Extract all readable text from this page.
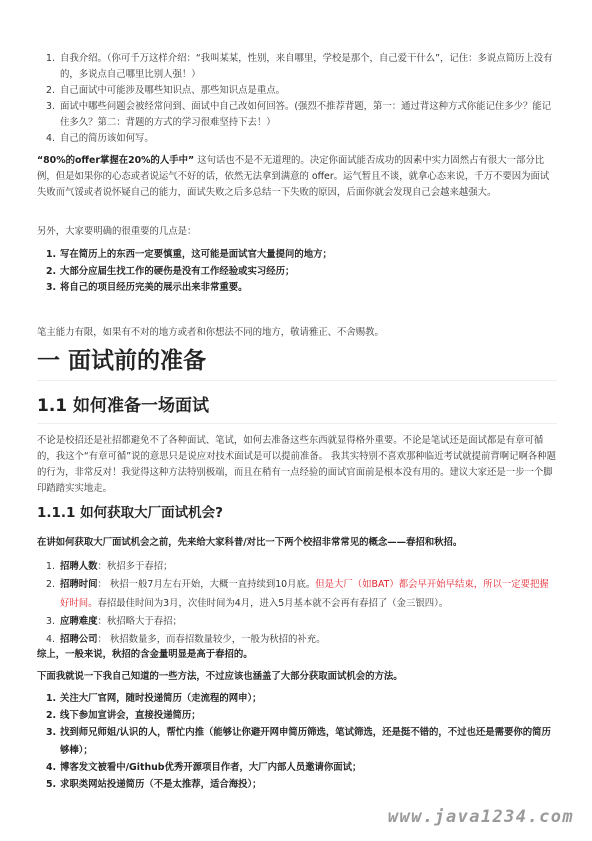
1. 自我介绍。（你可千万这样介绍：“我叫某某，性别，来自哪里，学校是那个，自己爱干什么”，记住：多说点简历上没有的，多说点自己哪里比别人强！）
2. 自己面试中可能涉及哪些知识点、那些知识点是重点。
3. 面试中哪些问题会被经常问到、面试中自己改如何回答。(强烈不推荐背题，第一：通过背这种方式你能记住多少？能记住多久？第二：背题的方式的学习很难坚持下去！）
4. 自己的简历该如何写。

“80%的offer掌握在20%的人手中” 这句话也不是不无道理的。决定你面试能否成功的因素中实力固然占有很大一部分比例，但是如果你的心态或者说运气不好的话，依然无法拿到满意的 offer。运气暂且不谈，就拿心态来说，千万不要因为面试失败而气馁或者说怀疑自己的能力，面试失败之后多总结一下失败的原因，后面你就会发现自己会越来越强大。

另外，大家要明确的很重要的几点是：

1. 写在简历上的东西一定要慎重，这可能是面试官大量提问的地方；
2. 大部分应届生找工作的硬伤是没有工作经验或实习经历；
3. 将自己的项目经历完美的展示出来非常重要。

笔主能力有限，如果有不对的地方或者和你想法不同的地方，敬请雅正、不舍赐教。

一 面试前的准备
1.1 如何准备一场面试

不论是校招还是社招都避免不了各种面试、笔试，如何去准备这些东西就显得格外重要。不论是笔试还是面试都是有章可循的，我这个“有章可循”说的意思只是说应对技术面试是可以提前准备。 我其实特别不喜欢那种临近考试就提前背啊记啊各种题的行为，非常反对！我觉得这种方法特别极端，而且在稍有一点经验的面试官面前是根本没有用的。建议大家还是一步一个脚印踏踏实实地走。

1.1.1 如何获取大厂面试机会?

在讲如何获取大厂面试机会之前，先来给大家科普/对比一下两个校招非常常见的概念——春招和秋招。

1. 招聘人数：秋招多于春招；
2. 招聘时间： 秋招一般7月左右开始，大概一直持续到10月底。但是大厂（如BAT）都会早开始早结束，所以一定要把握好时间。春招最佳时间为3月，次佳时间为4月，进入5月基本就不会再有春招了（金三银四）。
3. 应聘难度：秋招略大于春招；
4. 招聘公司： 秋招数量多，而春招数量较少，一般为秋招的补充。

综上，一般来说，秋招的含金量明显是高于春招的。

下面我就说一下我自己知道的一些方法，不过应该也涵盖了大部分获取面试机会的方法。

1. 关注大厂官网，随时投递简历（走流程的网申）；
2. 线下参加宣讲会，直接投递简历；
3. 找到师兄师姐/认识的人，帮忙内推（能够让你避开网申简历筛选，笔试筛选，还是挺不错的，不过也还是需要你的简历够棒）；
4. 博客发文被看中/Github优秀开源项目作者，大厂内部人员邀请你面试；
5. 求职类网站投递简历（不是太推荐，适合海投）；
www.java1234.com
